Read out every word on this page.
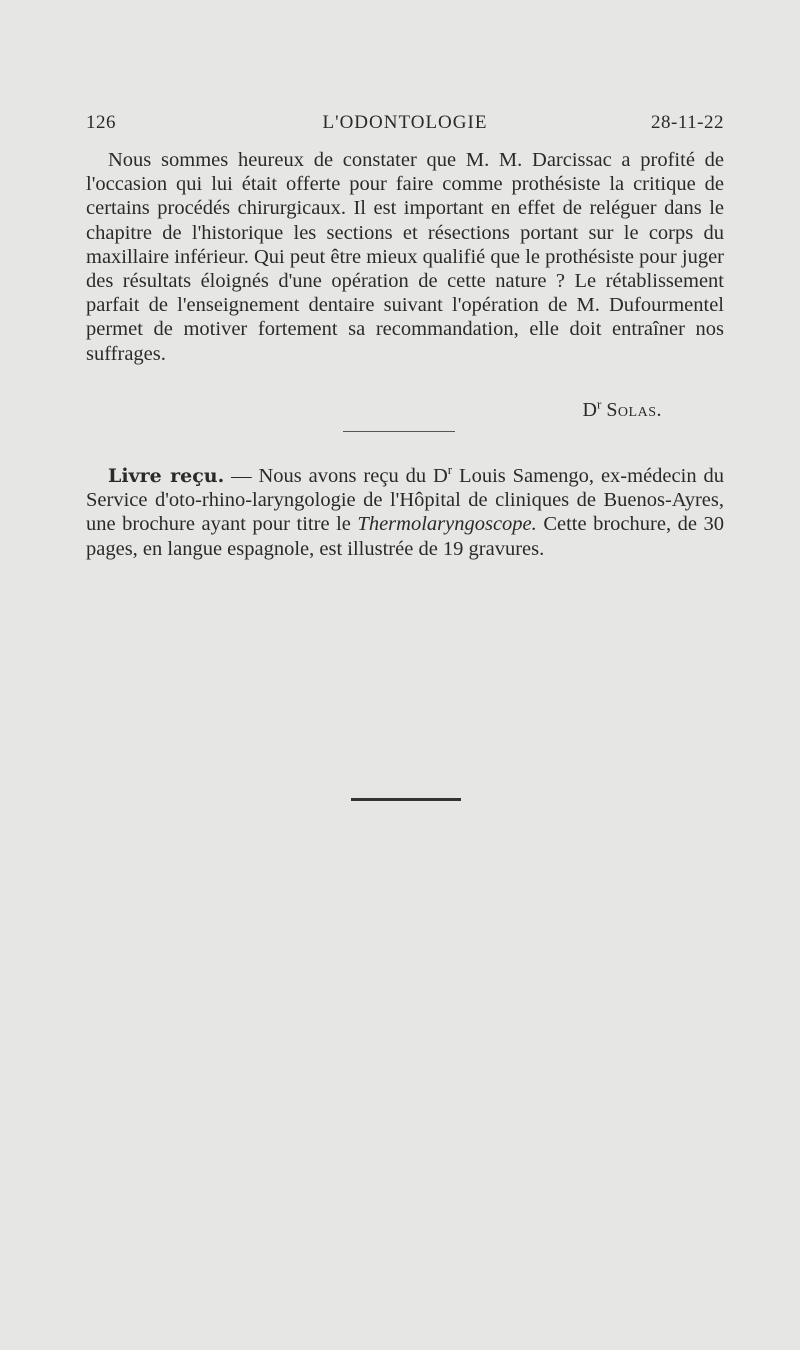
126	L'ODONTOLOGIE	28-11-22

Nous sommes heureux de constater que M. M. Darcissac a profité de l'occasion qui lui était offerte pour faire comme prothésiste la critique de certains procédés chirurgicaux. Il est important en effet de reléguer dans le chapitre de l'historique les sections et résections portant sur le corps du maxillaire inférieur. Qui peut être mieux qualifié que le prothésiste pour juger des résultats éloignés d'une opération de cette nature ? Le rétablissement parfait de l'enseignement dentaire suivant l'opération de M. Dufourmentel permet de motiver fortement sa recommandation, elle doit entraîner nos suffrages.

$D^r$ Solas.

Livre reçu. — Nous avons reçu du $D^r$ Louis Samengo, ex-médecin du Service d'oto-rhino-laryngologie de l'Hôpital de cliniques de Buenos-Ayres, une brochure ayant pour titre le Thermolaryngoscope. Cette brochure, de 30 pages, en langue espagnole, est illustrée de 19 gravures.
